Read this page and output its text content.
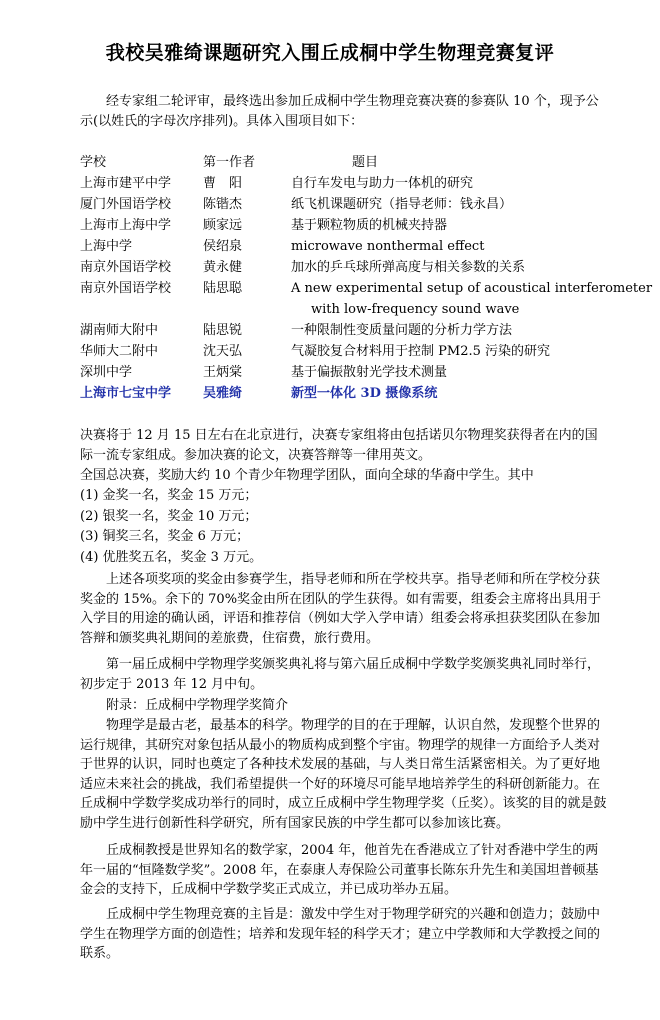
我校吴雅绮课题研究入围丘成桐中学生物理竞赛复评
经专家组二轮评审，最终选出参加丘成桐中学生物理竞赛决赛的参赛队 10 个，现予公示(以姓氏的字母次序排列)。具体入围项目如下：
学校	第一作者	题目
上海市建平中学 曹　阳	自行车发电与助力一体机的研究
厦门外国语学校 陈锴杰	纸飞机课题研究（指导老师：钱永昌）
上海市上海中学 顾家远	基于颗粒物质的机械夹持器
上海中学	侯绍泉	microwave nonthermal effect
南京外国语学校 黄永健	加水的乒乓球所弹高度与相关参数的关系
南京外国语学校 陆思聪	A new experimental setup of acoustical interferometer
with low-frequency sound wave
湖南师大附中	陆思锐	一种限制性变质量问题的分析力学方法
华师大二附中	沈天弘	气凝胶复合材料用于控制 PM2.5 污染的研究
深圳中学	王炳棠	基于偏振散射光学技术测量
上海市七宝中学 吴雅绮	新型一体化 3D 摄像系统
决赛将于 12 月 15 日左右在北京进行，决赛专家组将由包括诺贝尔物理奖获得者在内的国际一流专家组成。参加决赛的论文，决赛答辩等一律用英文。
全国总决赛，奖励大约 10 个青少年物理学团队，面向全球的华裔中学生。其中
(1) 金奖一名，奖金 15 万元；
(2) 银奖一名，奖金 10 万元；
(3) 铜奖三名，奖金 6 万元；
(4) 优胜奖五名，奖金 3 万元。
上述各项奖项的奖金由参赛学生，指导老师和所在学校共享。指导老师和所在学校分获奖金的 15%。余下的 70%奖金由所在团队的学生获得。如有需要，组委会主席将出具用于入学目的用途的确认函，评语和推荐信（例如大学入学申请）组委会将承担获奖团队在参加答辩和颁奖典礼期间的差旅费，住宿费，旅行费用。
第一届丘成桐中学物理学奖颁奖典礼将与第六届丘成桐中学数学奖颁奖典礼同时举行，初步定于 2013 年 12 月中旬。
附录：丘成桐中学物理学奖简介
物理学是最古老，最基本的科学。物理学的目的在于理解，认识自然，发现整个世界的运行规律，其研究对象包括从最小的物质构成到整个宇宙。物理学的规律一方面给予人类对于世界的认识，同时也奠定了各种技术发展的基础，与人类日常生活紧密相关。为了更好地适应未来社会的挑战，我们希望提供一个好的环境尽可能早地培养学生的科研创新能力。在丘成桐中学数学奖成功举行的同时，成立丘成桐中学生物理学奖（丘奖）。该奖的目的就是鼓励中学生进行创新性科学研究，所有国家民族的中学生都可以参加该比赛。
丘成桐教授是世界知名的数学家，2004 年，他首先在香港成立了针对香港中学生的两年一届的“恒隆数学奖”。2008 年，在泰康人寿保险公司董事长陈东升先生和美国坦普顿基金会的支持下，丘成桐中学数学奖正式成立，并已成功举办五届。
丘成桐中学生物理竞赛的主旨是：激发中学生对于物理学研究的兴趣和创造力；鼓励中学生在物理学方面的创造性；培养和发现年轻的科学天才；建立中学教师和大学教授之间的联系。
